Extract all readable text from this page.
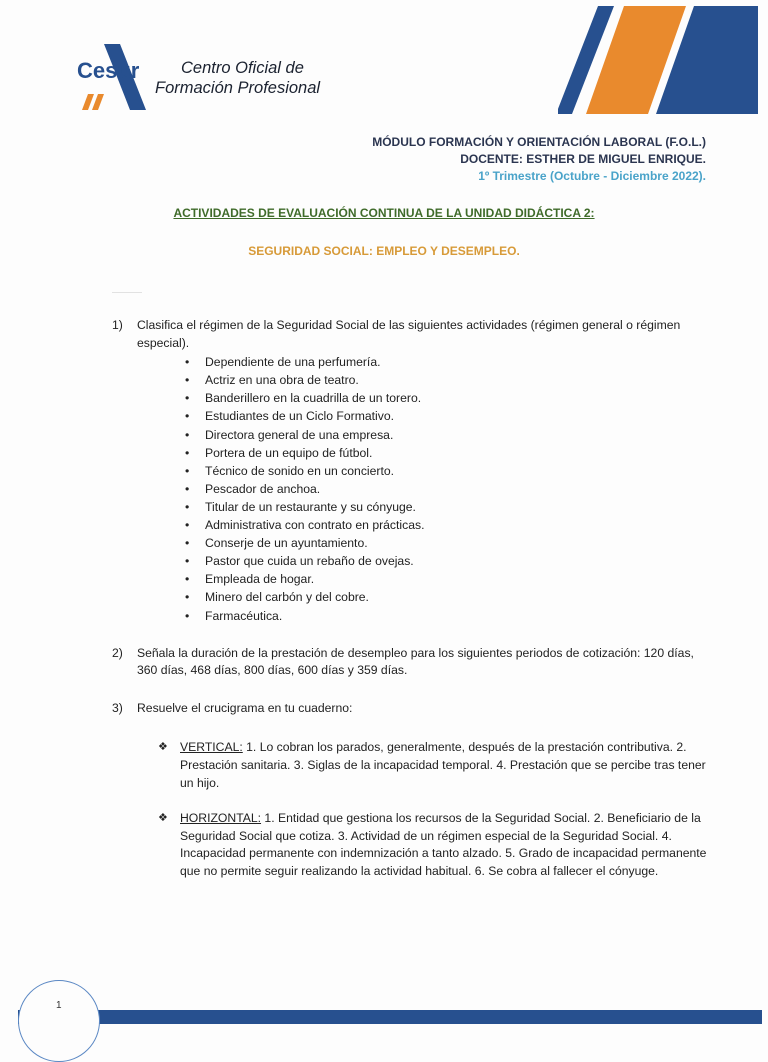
Cesur	Centro Oficial de
Formación Profesional
MÓDULO FORMACIÓN Y ORIENTACIÓN LABORAL (F.O.L.)
DOCENTE: ESTHER DE MIGUEL ENRIQUE.
1º Trimestre (Octubre - Diciembre 2022).
ACTIVIDADES DE EVALUACIÓN CONTINUA DE LA UNIDAD DIDÁCTICA 2:
SEGURIDAD SOCIAL: EMPLEO Y DESEMPLEO.
1)	Clasifica el régimen de la Seguridad Social de las siguientes actividades (régimen general o régimen especial).
• Dependiente de una perfumería.
• Actriz en una obra de teatro.
• Banderillero en la cuadrilla de un torero.
• Estudiantes de un Ciclo Formativo.
• Directora general de una empresa.
• Portera de un equipo de fútbol.
• Técnico de sonido en un concierto.
• Pescador de anchoa.
• Titular de un restaurante y su cónyuge.
• Administrativa con contrato en prácticas.
• Conserje de un ayuntamiento.
• Pastor que cuida un rebaño de ovejas.
• Empleada de hogar.
• Minero del carbón y del cobre.
• Farmacéutica.
2)	Señala la duración de la prestación de desempleo para los siguientes periodos de cotización: 120 días, 360 días, 468 días, 800 días, 600 días y 359 días.
3)	Resuelve el crucigrama en tu cuaderno:
❖ VERTICAL: 1. Lo cobran los parados, generalmente, después de la prestación contributiva. 2. Prestación sanitaria. 3. Siglas de la incapacidad temporal. 4. Prestación que se percibe tras tener un hijo.
❖ HORIZONTAL: 1. Entidad que gestiona los recursos de la Seguridad Social. 2. Beneficiario de la Seguridad Social que cotiza. 3. Actividad de un régimen especial de la Seguridad Social. 4. Incapacidad permanente con indemnización a tanto alzado. 5. Grado de incapacidad permanente que no permite seguir realizando la actividad habitual. 6. Se cobra al fallecer el cónyuge.
1
